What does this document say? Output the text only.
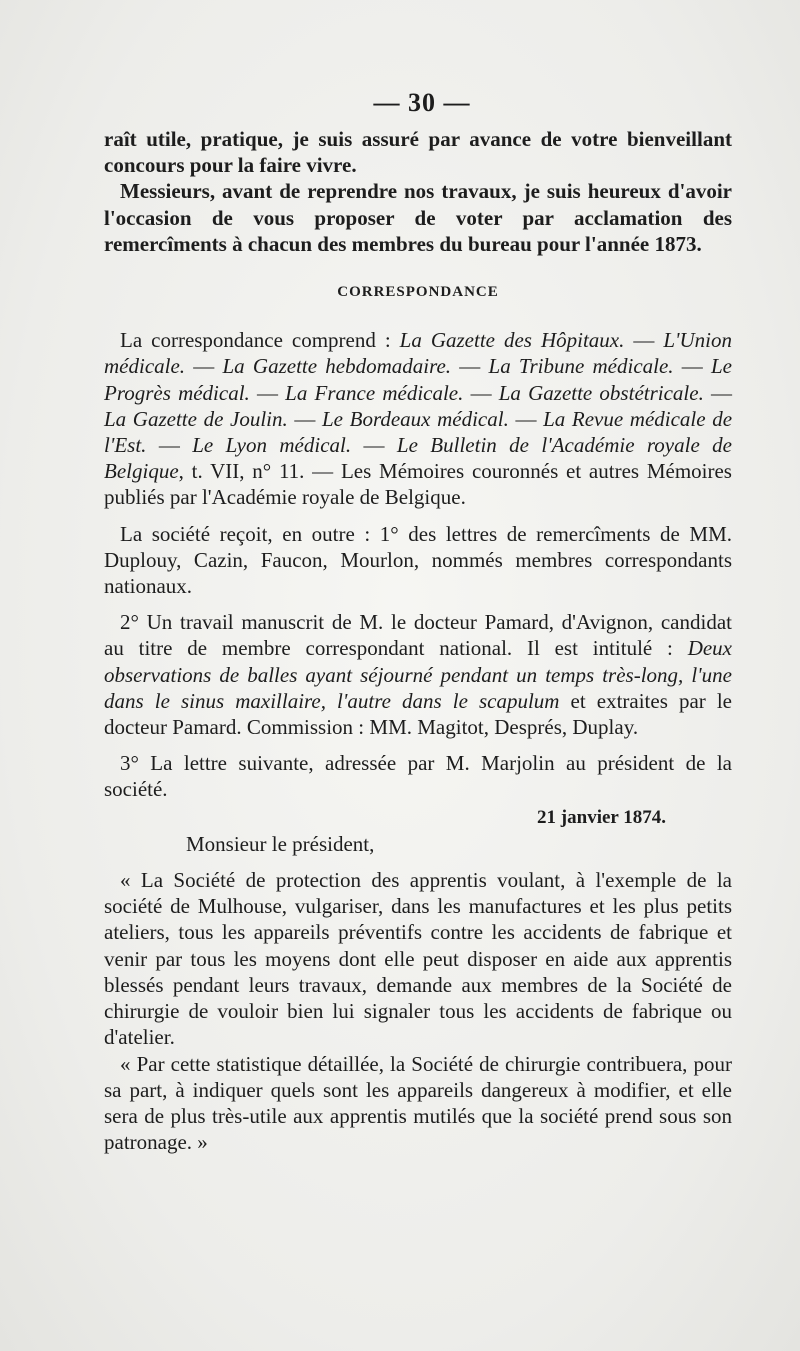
— 30 —

raît utile, pratique, je suis assuré par avance de votre bienveillant concours pour la faire vivre.

Messieurs, avant de reprendre nos travaux, je suis heureux d'avoir l'occasion de vous proposer de voter par acclamation des remercîments à chacun des membres du bureau pour l'année 1873.

CORRESPONDANCE

La correspondance comprend : La Gazette des Hôpitaux. — L'Union médicale. — La Gazette hebdomadaire. — La Tribune médicale. — Le Progrès médical. — La France médicale. — La Gazette obstétricale. — La Gazette de Joulin. — Le Bordeaux médical. — La Revue médicale de l'Est. — Le Lyon médical. — Le Bulletin de l'Académie royale de Belgique, t. VII, n° 11. — Les Mémoires couronnés et autres Mémoires publiés par l'Académie royale de Belgique.

La société reçoit, en outre : 1° des lettres de remercîments de MM. Duplouy, Cazin, Faucon, Mourlon, nommés membres correspondants nationaux.

2° Un travail manuscrit de M. le docteur Pamard, d'Avignon, candidat au titre de membre correspondant national. Il est intitulé : Deux observations de balles ayant séjourné pendant un temps très-long, l'une dans le sinus maxillaire, l'autre dans le scapulum et extraites par le docteur Pamard. Commission : MM. Magitot, Després, Duplay.

3° La lettre suivante, adressée par M. Marjolin au président de la société.

21 janvier 1874.

Monsieur le président,

« La Société de protection des apprentis voulant, à l'exemple de la société de Mulhouse, vulgariser, dans les manufactures et les plus petits ateliers, tous les appareils préventifs contre les accidents de fabrique et venir par tous les moyens dont elle peut disposer en aide aux apprentis blessés pendant leurs travaux, demande aux membres de la Société de chirurgie de vouloir bien lui signaler tous les accidents de fabrique ou d'atelier.

« Par cette statistique détaillée, la Société de chirurgie contribuera, pour sa part, à indiquer quels sont les appareils dangereux à modifier, et elle sera de plus très-utile aux apprentis mutilés que la société prend sous son patronage. »
